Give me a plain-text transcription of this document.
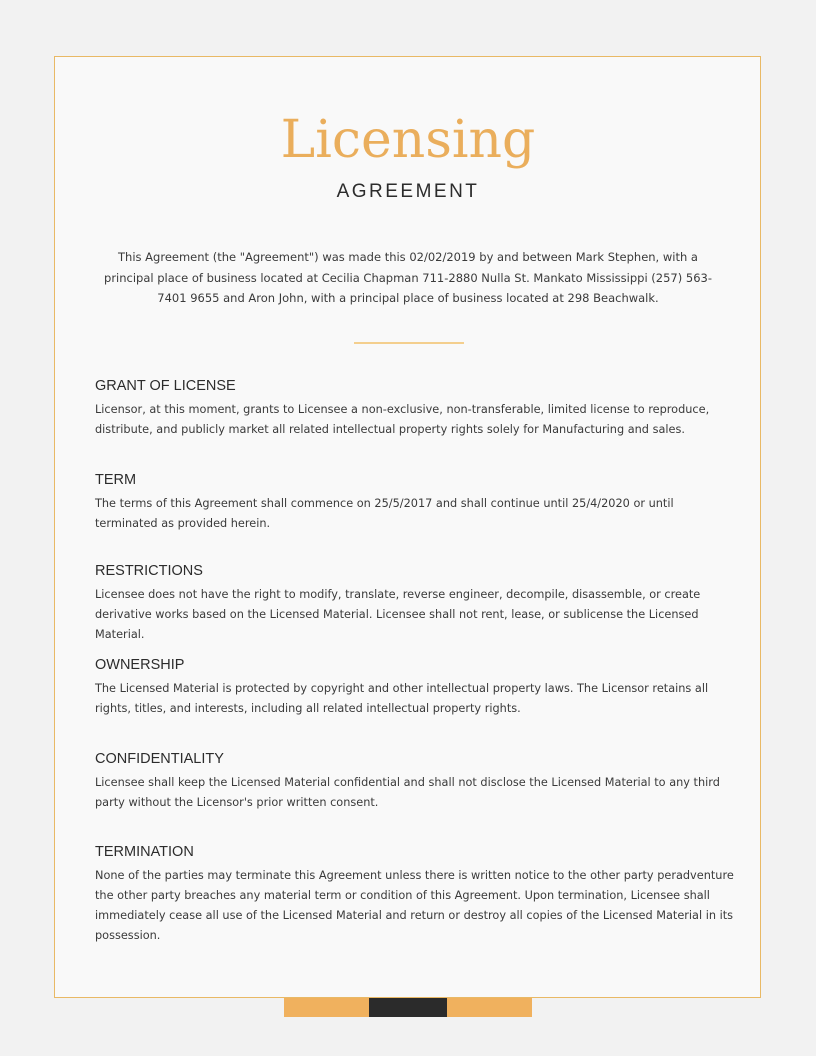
Licensing
AGREEMENT

This Agreement (the "Agreement") was made this 02/02/2019 by and between Mark Stephen, with a principal place of business located at Cecilia Chapman 711-2880 Nulla St. Mankato Mississippi (257) 563-7401 9655 and Aron John, with a principal place of business located at 298 Beachwalk.

GRANT OF LICENSE

Licensor, at this moment, grants to Licensee a non-exclusive, non-transferable, limited license to reproduce, distribute, and publicly market all related intellectual property rights solely for Manufacturing and sales.

TERM

The terms of this Agreement shall commence on 25/5/2017 and shall continue until 25/4/2020 or until terminated as provided herein.

RESTRICTIONS

Licensee does not have the right to modify, translate, reverse engineer, decompile, disassemble, or create derivative works based on the Licensed Material. Licensee shall not rent, lease, or sublicense the Licensed Material.

OWNERSHIP

The Licensed Material is protected by copyright and other intellectual property laws. The Licensor retains all rights, titles, and interests, including all related intellectual property rights.

CONFIDENTIALITY

Licensee shall keep the Licensed Material confidential and shall not disclose the Licensed Material to any third party without the Licensor's prior written consent.

TERMINATION

None of the parties may terminate this Agreement unless there is written notice to the other party peradventure the other party breaches any material term or condition of this Agreement. Upon termination, Licensee shall immediately cease all use of the Licensed Material and return or destroy all copies of the Licensed Material in its possession.
